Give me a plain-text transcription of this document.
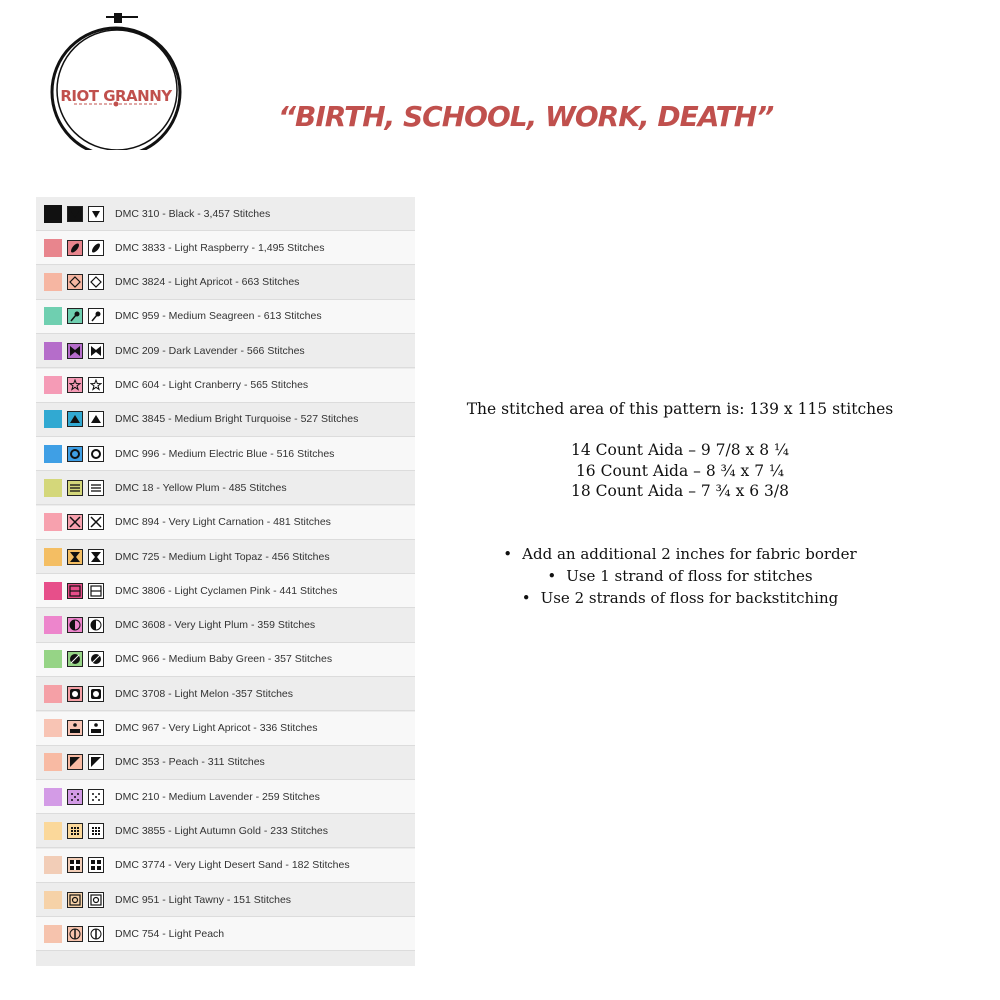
RIOT GRANNY
“BIRTH, SCHOOL, WORK, DEATH”
DMC 310 - Black - 3,457 Stitches
DMC 3833 - Light Raspberry - 1,495 Stitches
DMC 3824 - Light Apricot - 663 Stitches
DMC 959 - Medium Seagreen - 613 Stitches
DMC 209 - Dark Lavender - 566 Stitches
DMC 604 - Light Cranberry - 565 Stitches
DMC 3845 - Medium Bright Turquoise - 527 Stitches
DMC 996 - Medium Electric Blue - 516 Stitches
DMC 18 - Yellow Plum - 485 Stitches
DMC 894 - Very Light Carnation - 481 Stitches
DMC 725 - Medium Light Topaz - 456 Stitches
DMC 3806 - Light Cyclamen Pink - 441 Stitches
DMC 3608 - Very Light Plum - 359 Stitches
DMC 966 - Medium Baby Green - 357 Stitches
DMC 3708 - Light Melon -357 Stitches
DMC 967 - Very Light Apricot - 336 Stitches
DMC 353 - Peach - 311 Stitches
DMC 210 - Medium Lavender - 259 Stitches
DMC 3855 - Light Autumn Gold - 233 Stitches
DMC 3774 - Very Light Desert Sand - 182 Stitches
DMC 951 - Light Tawny - 151 Stitches
DMC 754 - Light Peach
The stitched area of this pattern is: 139 x 115 stitches
14 Count Aida – 9 7/8 x 8 ¼
16 Count Aida – 8 ¾ x 7 ¼
18 Count Aida – 7 ¾ x 6 3/8
• Add an additional 2 inches for fabric border
• Use 1 strand of floss for stitches
• Use 2 strands of floss for backstitching
